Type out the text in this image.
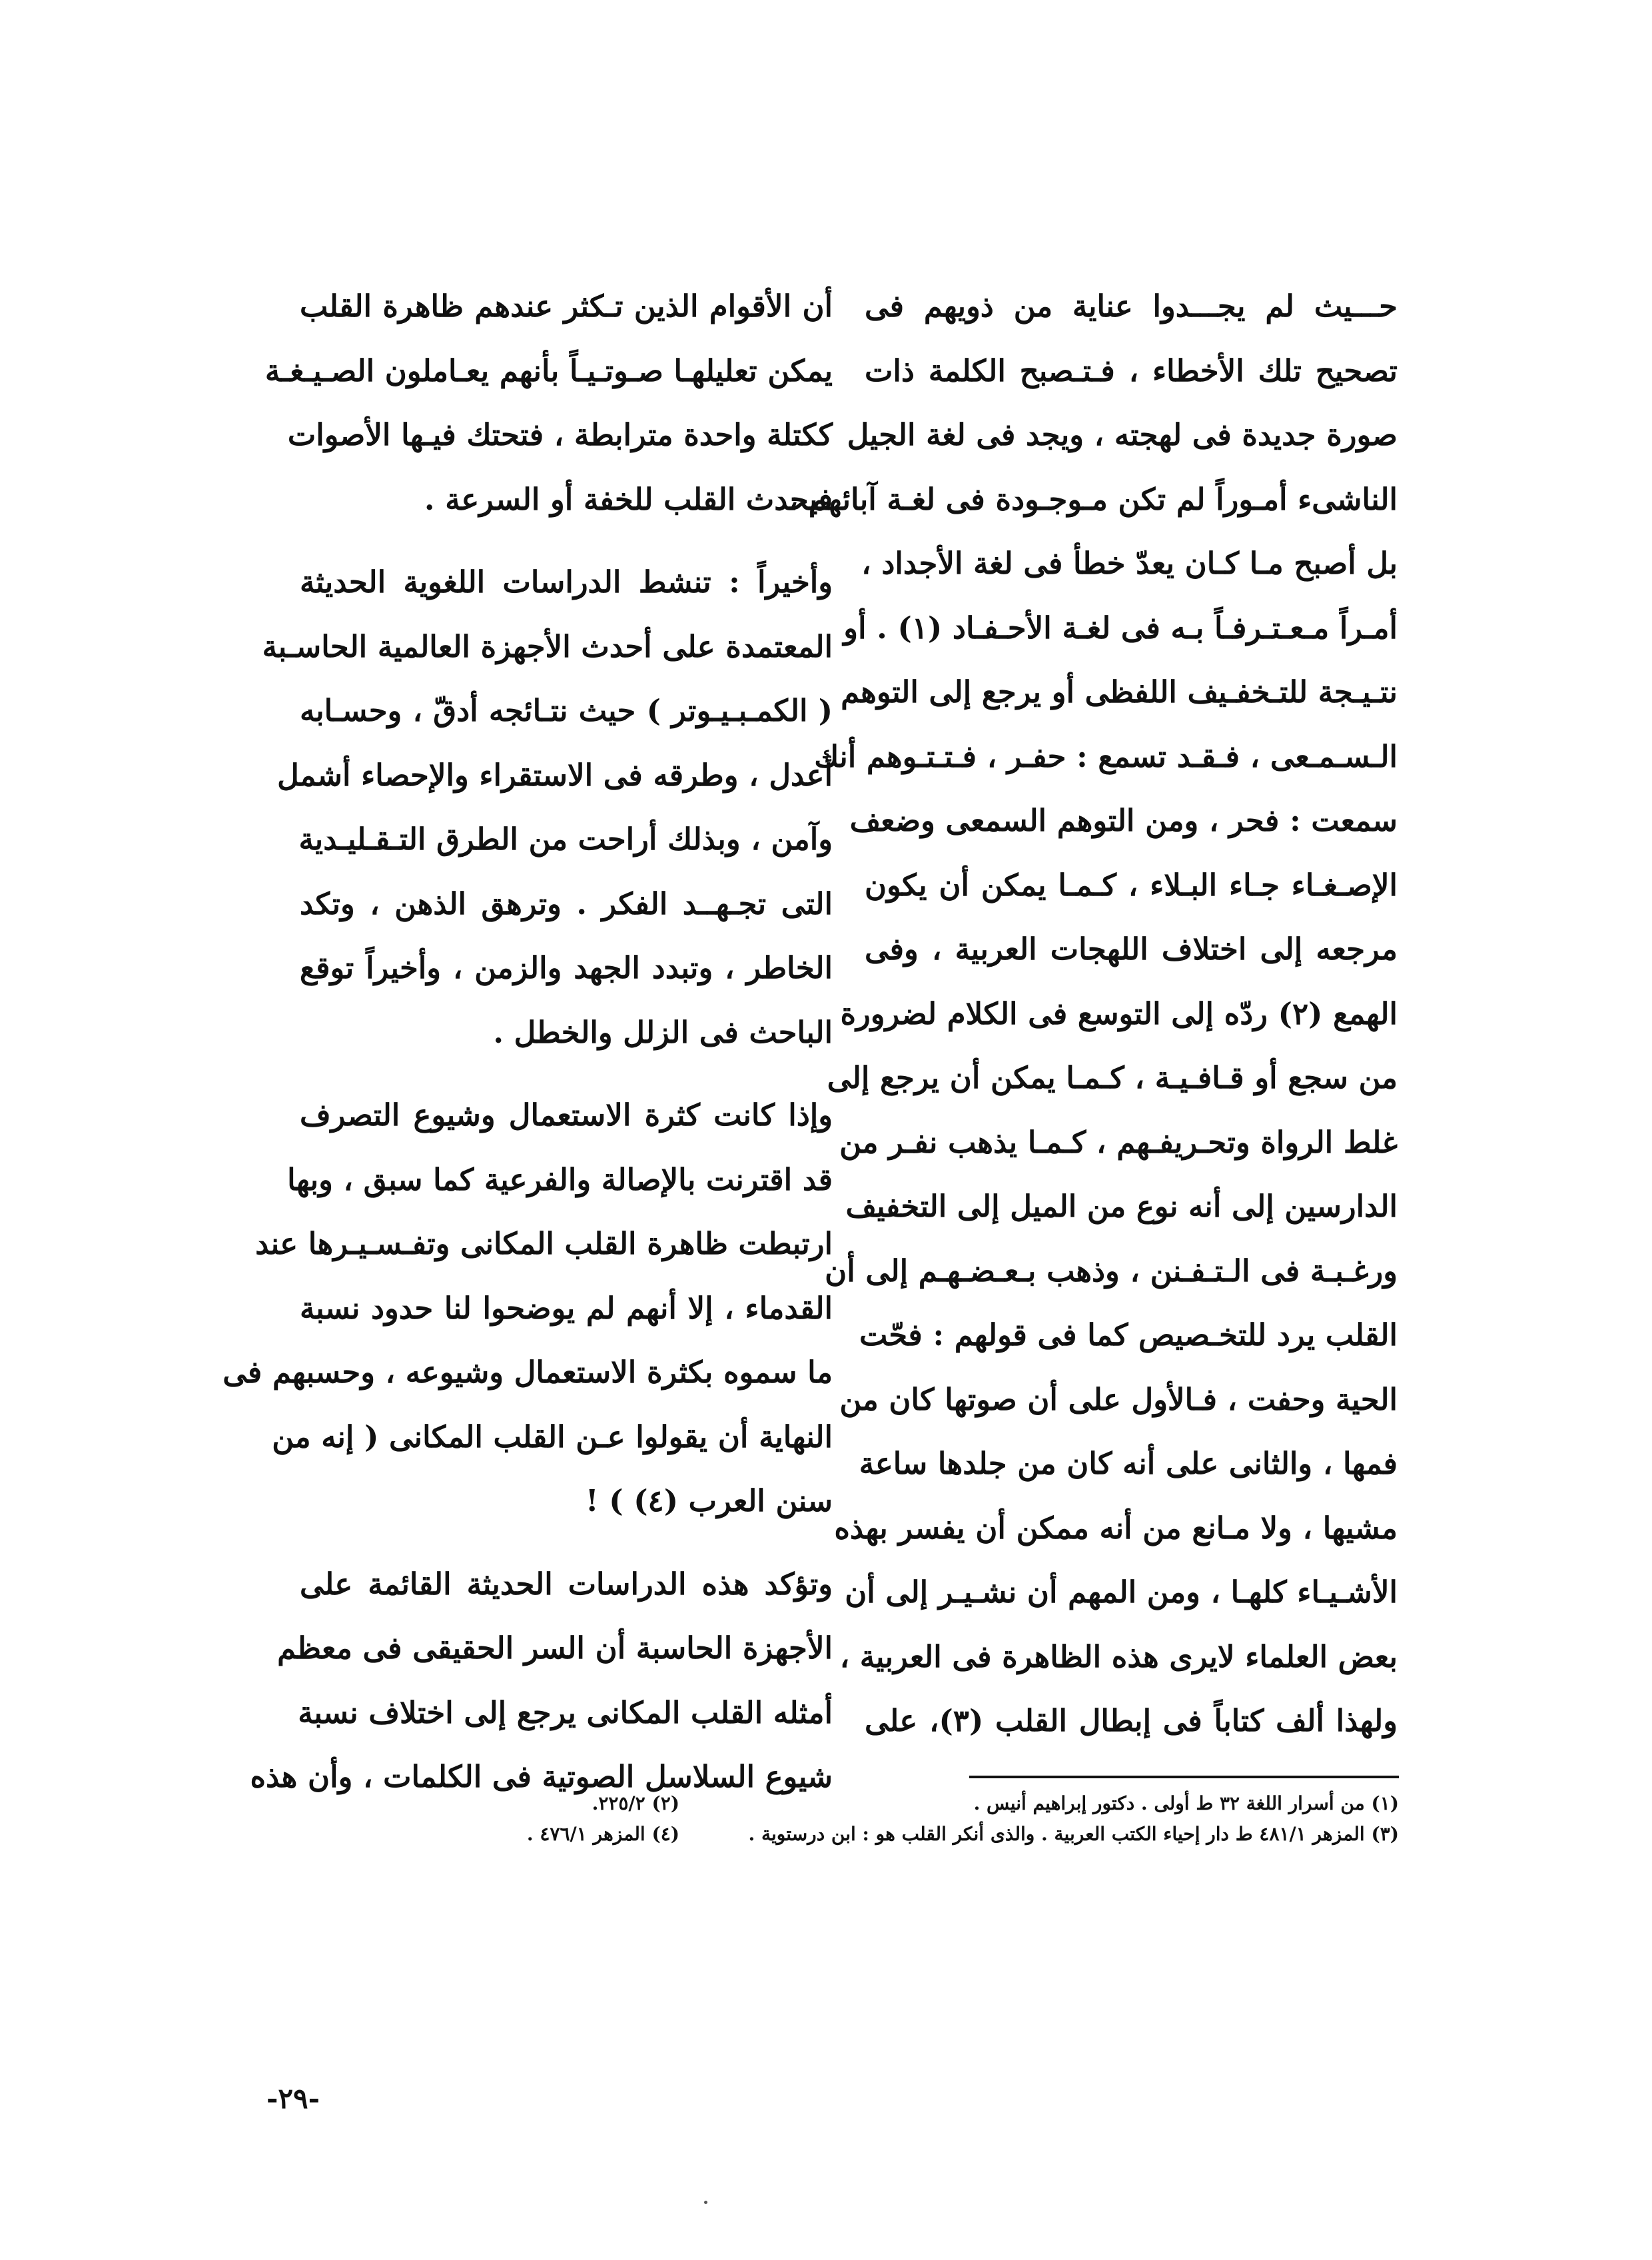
حـــيث لم يجـــدوا عناية من ذويهم فى
تصحيح تلك الأخطاء ، فـتـصبح الكلمة ذات
صورة جديدة فى لهجته ، ويجد فى لغة الجيل
الناشىء أمـوراً لم تكن مـوجـودة فى لغـة آبائهم ،
بل أصبح مـا كـان يعدّ خطأ فى لغة الأجداد ،
أمـراً مـعـتـرفـاً بـه فى لغـة الأحـفـاد (١) . أو
نتـيـجة للتـخفـيف اللفظى أو يرجع إلى التوهم
الـسـمـعى ، فـقـد تسمع : حفـر ، فـتـتـوهم أنك
سمعت : فحر ، ومن التوهم السمعى وضعف
الإصـغـاء جـاء البـلاء ، كـمـا يمكن أن يكون
مرجعه إلى اختلاف اللهجات العربية ، وفى
الهمع (٢) ردّه إلى التوسع فى الكلام لضرورة
من سجع أو قـافـيـة ، كـمـا يمكن أن يرجع إلى
غلط الرواة وتحـريفـهم ، كـمـا يذهب نفـر من
الدارسين إلى أنه نوع من الميل إلى التخفيف
ورغـبـة فى الـتـفـنن ، وذهب بـعـضـهـم إلى أن
القلب يرد للتخـصيص كما فى قولهم : فحّت
الحية وحفت ، فـالأول على أن صوتها كان من
فمها ، والثانى على أنه كان من جلدها ساعة
مشيها ، ولا مـانع من أنه ممكن أن يفسر بهذه
الأشـيـاء كلهـا ، ومن المهم أن نشـيـر إلى أن
بعض العلماء لايرى هذه الظاهرة فى العربية ،
ولهذا ألف كتاباً فى إبطال القلب (٣)، على
أن الأقوام الذين تـكثر عندهم ظاهرة القلب
يمكن تعليلهـا صـوتـيـاً بأنهم يعـاملون الصـيـغـة
ككتلة واحدة مترابطة ، فتحتك فيـها الأصوات
فيحدث القلب للخفة أو السرعة .
وأخيراً : تنشط الدراسات اللغوية الحديثة
المعتمدة على أحدث الأجهزة العالمية الحاسـبة
( الكمـبـيـوتر ) حيث نتـائجه أدقّ ، وحسـابه
أعدل ، وطرقه فى الاستقراء والإحصاء أشمل
وآمن ، وبذلك أراحت من الطرق التـقـليـدية
التى تجـهــد الفكر . وترهق الذهن ، وتكد
الخاطر ، وتبدد الجهد والزمن ، وأخيراً توقع
الباحث فى الزلل والخطل .
وإذا كانت كثرة الاستعمال وشيوع التصرف
قد اقترنت بالإصالة والفرعية كما سبق ، وبها
ارتبطت ظاهرة القلب المكانى وتفـسـيـرها عند
القدماء ، إلا أنهم لم يوضحوا لنا حدود نسبة
ما سموه بكثرة الاستعمال وشيوعه ، وحسبهم فى
النهاية أن يقولوا عـن القلب المكانى ( إنه من
سنن العرب (٤) ) !
وتؤكد هذه الدراسات الحديثة القائمة على
الأجهزة الحاسبة أن السر الحقيقى فى معظم
أمثله القلب المكانى يرجع إلى اختلاف نسبة
شيوع السلاسل الصوتية فى الكلمات ، وأن هذه
(١) من أسرار اللغة ٣٢ ط أولى . دكتور إبراهيم أنيس .
(٣) المزهر ٤٨١/١ ط دار إحياء الكتب العربية . والذى أنكر القلب هو : ابن درستوية .
(٢) ٢٢٥/٢.
(٤) المزهر ٤٧٦/١ .
-٢٩-
